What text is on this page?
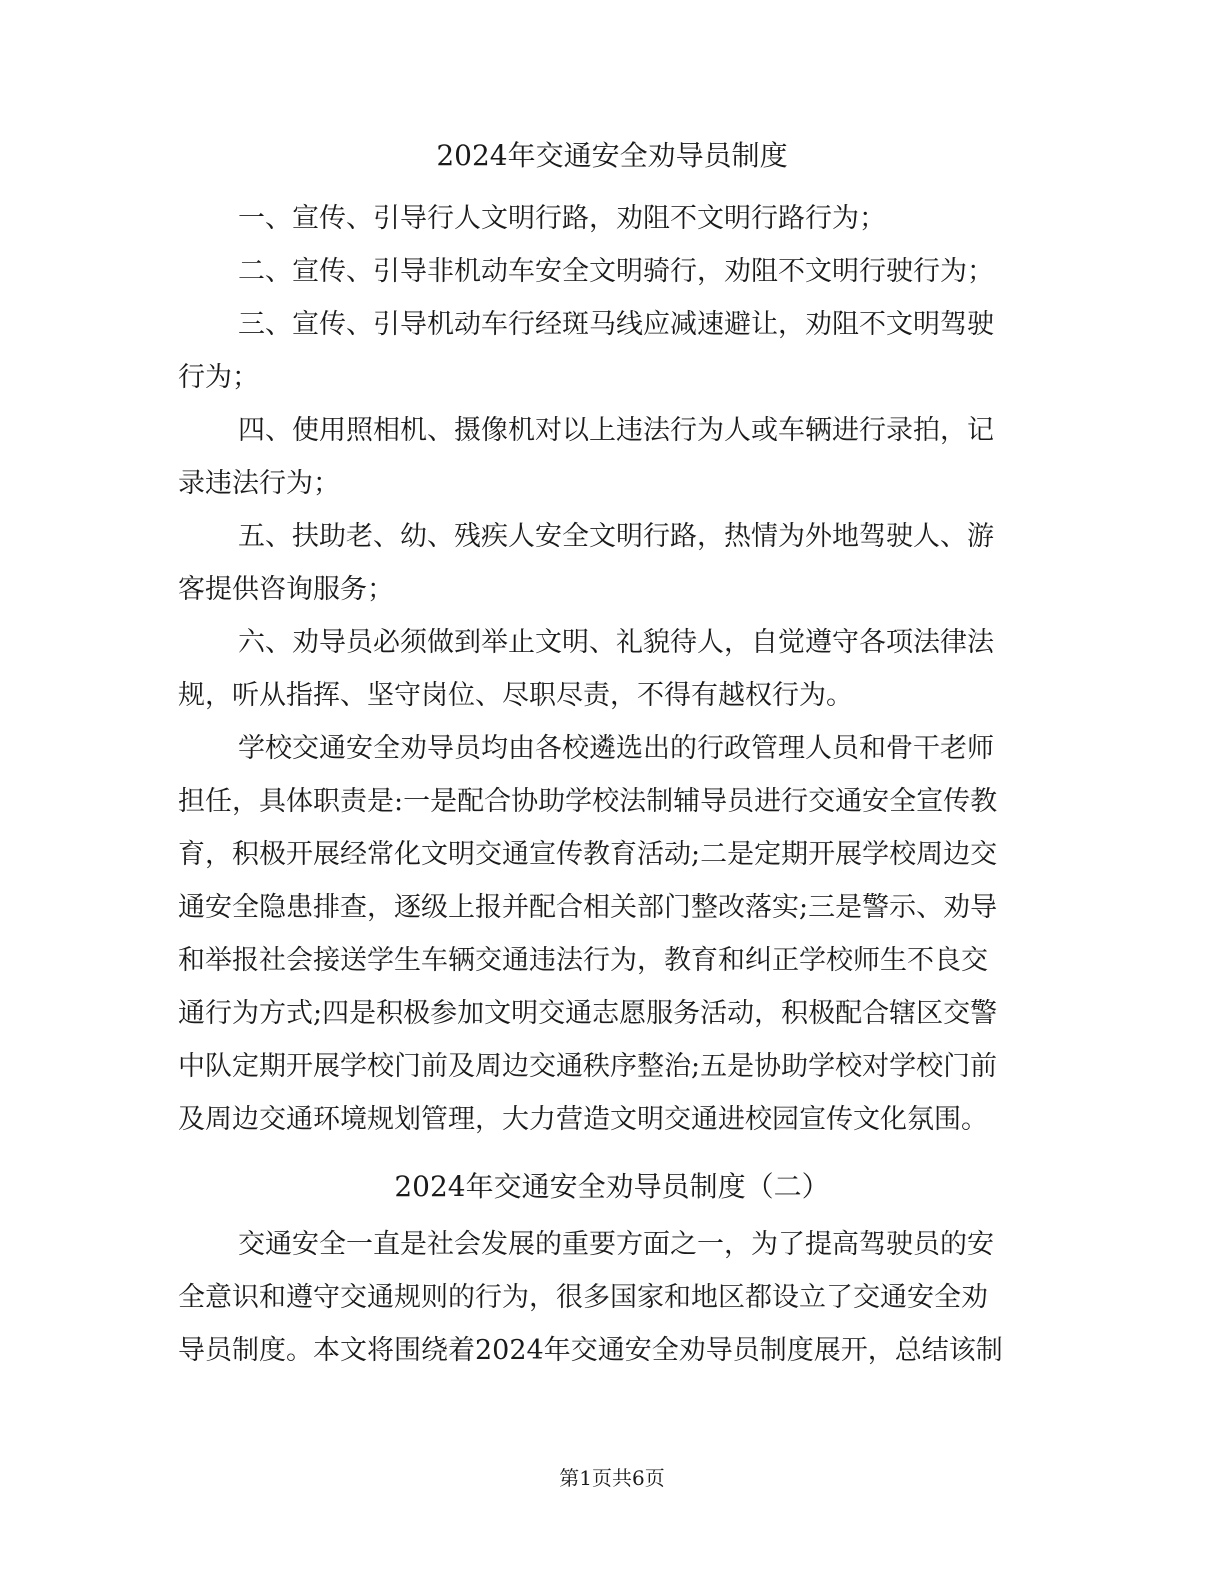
2024年交通安全劝导员制度
一、宣传、引导行人文明行路，劝阻不文明行路行为；
二、宣传、引导非机动车安全文明骑行，劝阻不文明行驶行为；
三、宣传、引导机动车行经斑马线应减速避让，劝阻不文明驾驶
行为；
四、使用照相机、摄像机对以上违法行为人或车辆进行录拍，记
录违法行为；
五、扶助老、幼、残疾人安全文明行路，热情为外地驾驶人、游
客提供咨询服务；
六、劝导员必须做到举止文明、礼貌待人，自觉遵守各项法律法
规，听从指挥、坚守岗位、尽职尽责，不得有越权行为。
学校交通安全劝导员均由各校遴选出的行政管理人员和骨干老师
担任，具体职责是:一是配合协助学校法制辅导员进行交通安全宣传教
育，积极开展经常化文明交通宣传教育活动;二是定期开展学校周边交
通安全隐患排查，逐级上报并配合相关部门整改落实;三是警示、劝导
和举报社会接送学生车辆交通违法行为，教育和纠正学校师生不良交
通行为方式;四是积极参加文明交通志愿服务活动，积极配合辖区交警
中队定期开展学校门前及周边交通秩序整治;五是协助学校对学校门前
及周边交通环境规划管理，大力营造文明交通进校园宣传文化氛围。
2024年交通安全劝导员制度（二）
交通安全一直是社会发展的重要方面之一，为了提高驾驶员的安
全意识和遵守交通规则的行为，很多国家和地区都设立了交通安全劝
导员制度。本文将围绕着2024年交通安全劝导员制度展开，总结该制
第1页共6页
